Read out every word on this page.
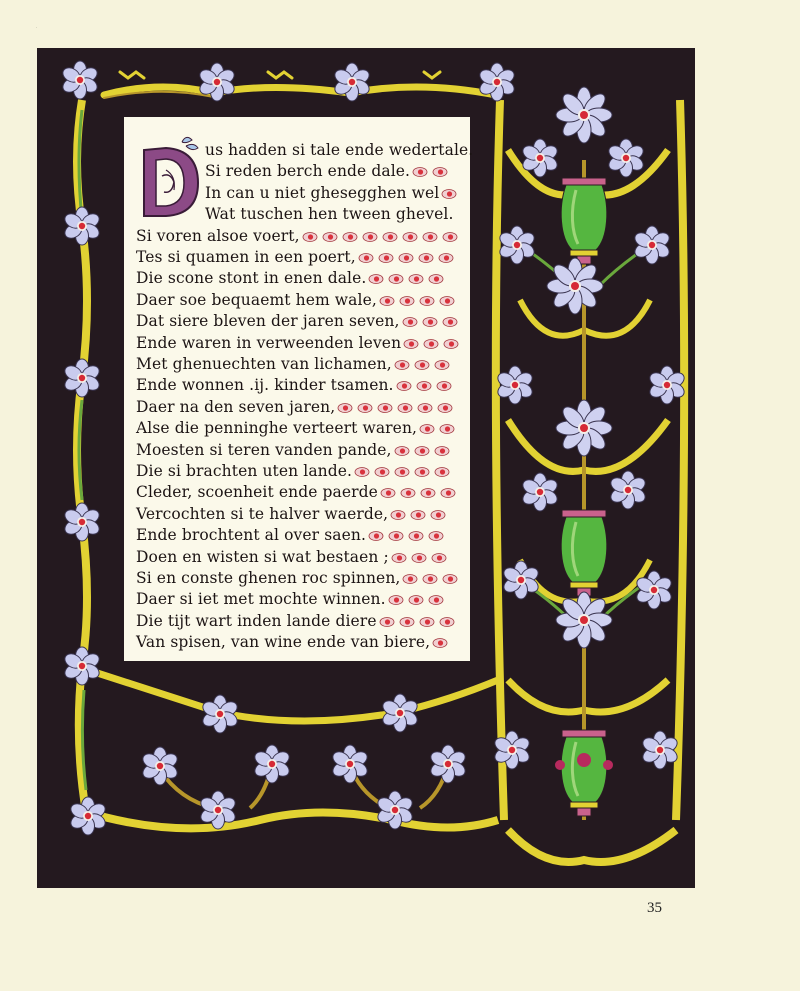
D
us hadden si tale ende wedertale.
Si reden berch ende dale.
In can u niet ghesegghen wel
Wat tuschen hen tween ghevel.
Si voren alsoe voert,
Tes si quamen in een poert,
Die scone stont in enen dale.
Daer soe bequaemt hem wale,
Dat siere bleven der jaren seven,
Ende waren in verweenden leven
Met ghenuechten van lichamen,
Ende wonnen .ij. kinder tsamen.
Daer na den seven jaren,
Alse die penninghe verteert waren,
Moesten si teren vanden pande,
Die si brachten uten lande.
Cleder, scoenheit ende paerde
Vercochten si te halver waerde,
Ende brochtent al over saen.
Doen en wisten si wat bestaen ;
Si en conste ghenen roc spinnen,
Daer si iet met mochte winnen.
Die tijt wart inden lande diere
Van spisen, van wine ende van biere,
35
